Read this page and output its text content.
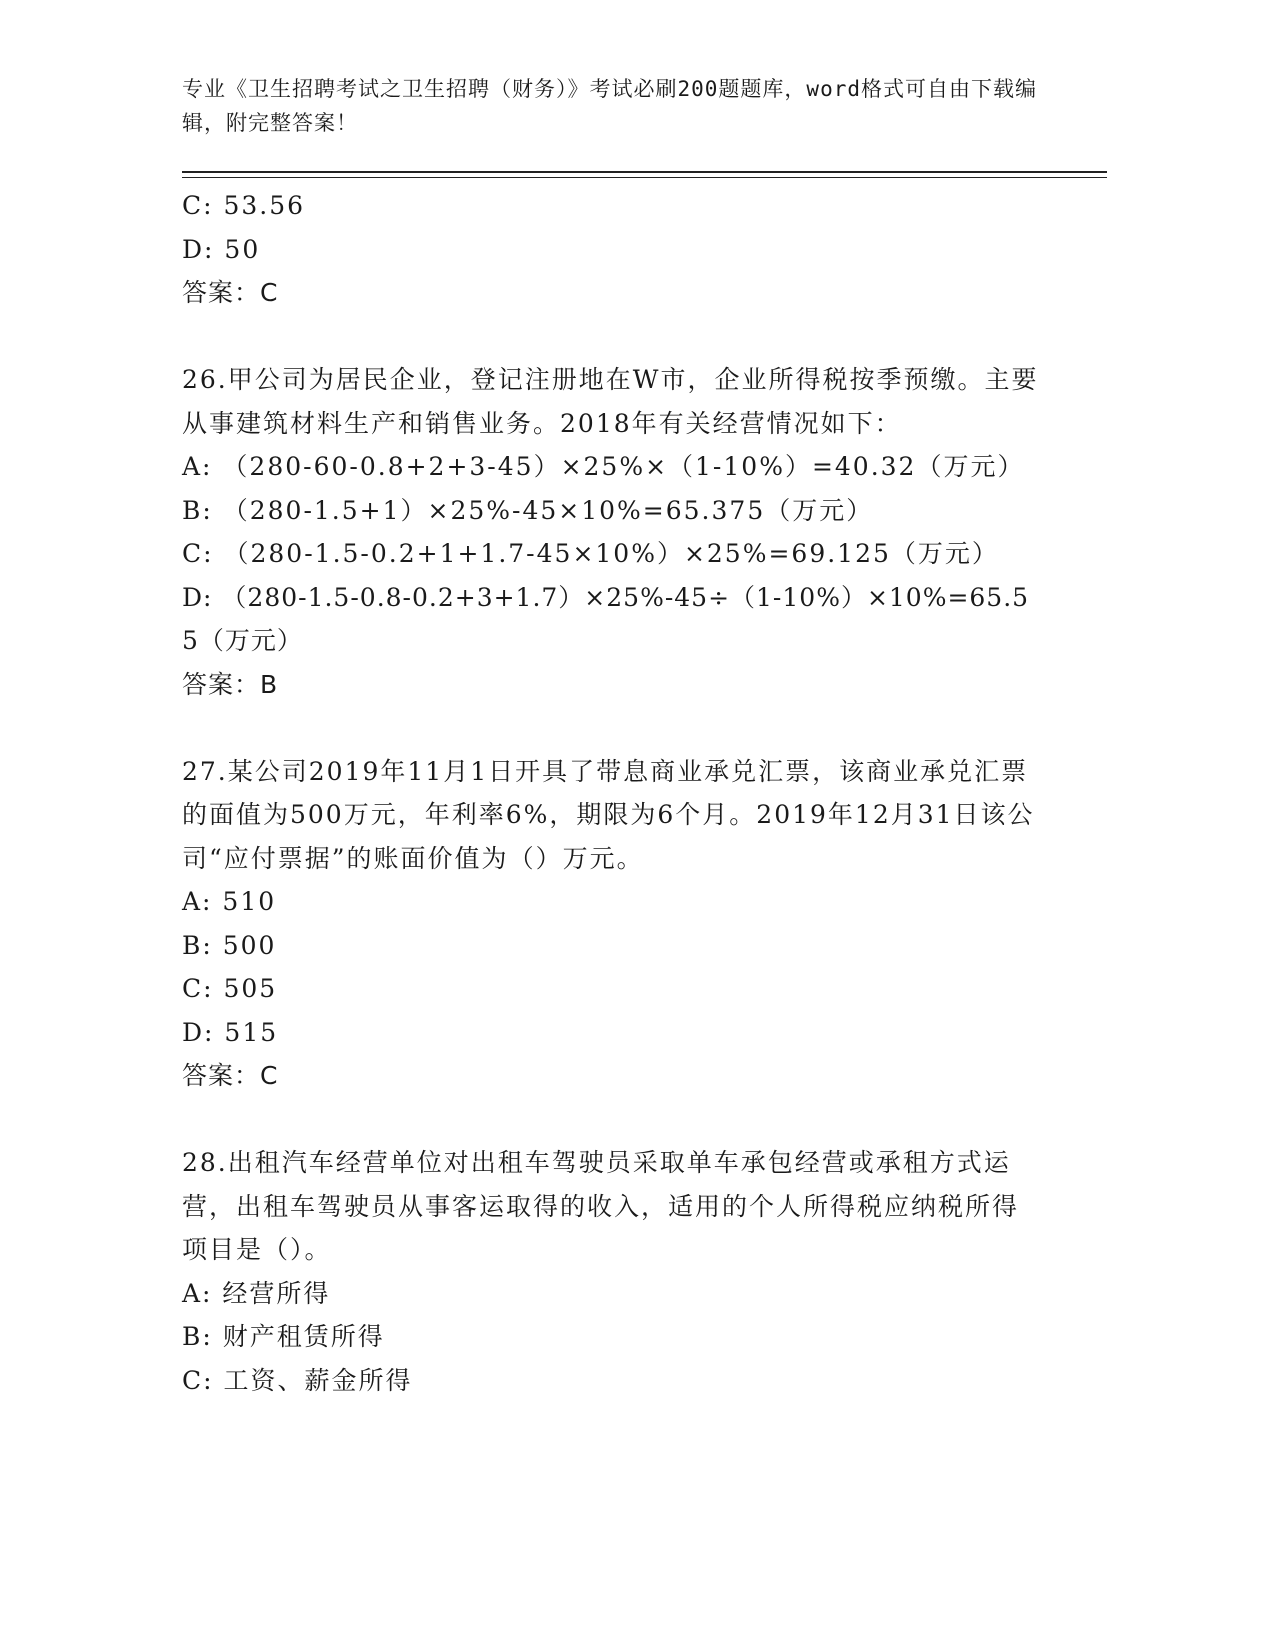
专业《卫生招聘考试之卫生招聘（财务）》考试必刷200题题库，word格式可自由下载编辑，附完整答案！
C: 53.56
D: 50
答案：C
26.甲公司为居民企业，登记注册地在W市，企业所得税按季预缴。主要从事建筑材料生产和销售业务。2018年有关经营情况如下：
A: （280-60-0.8+2+3-45）×25%×（1-10%）=40.32（万元）
B: （280-1.5+1）×25%-45×10%=65.375（万元）
C: （280-1.5-0.2+1+1.7-45×10%）×25%=69.125（万元）
D: （280-1.5-0.8-0.2+3+1.7）×25%-45÷（1-10%）×10%=65.55（万元）
答案：B
27.某公司2019年11月1日开具了带息商业承兑汇票，该商业承兑汇票的面值为500万元，年利率6%，期限为6个月。2019年12月31日该公司“应付票据”的账面价值为（）万元。
A: 510
B: 500
C: 505
D: 515
答案：C
28.出租汽车经营单位对出租车驾驶员采取单车承包经营或承租方式运营，出租车驾驶员从事客运取得的收入，适用的个人所得税应纳税所得项目是（）。
A: 经营所得
B: 财产租赁所得
C: 工资、薪金所得
